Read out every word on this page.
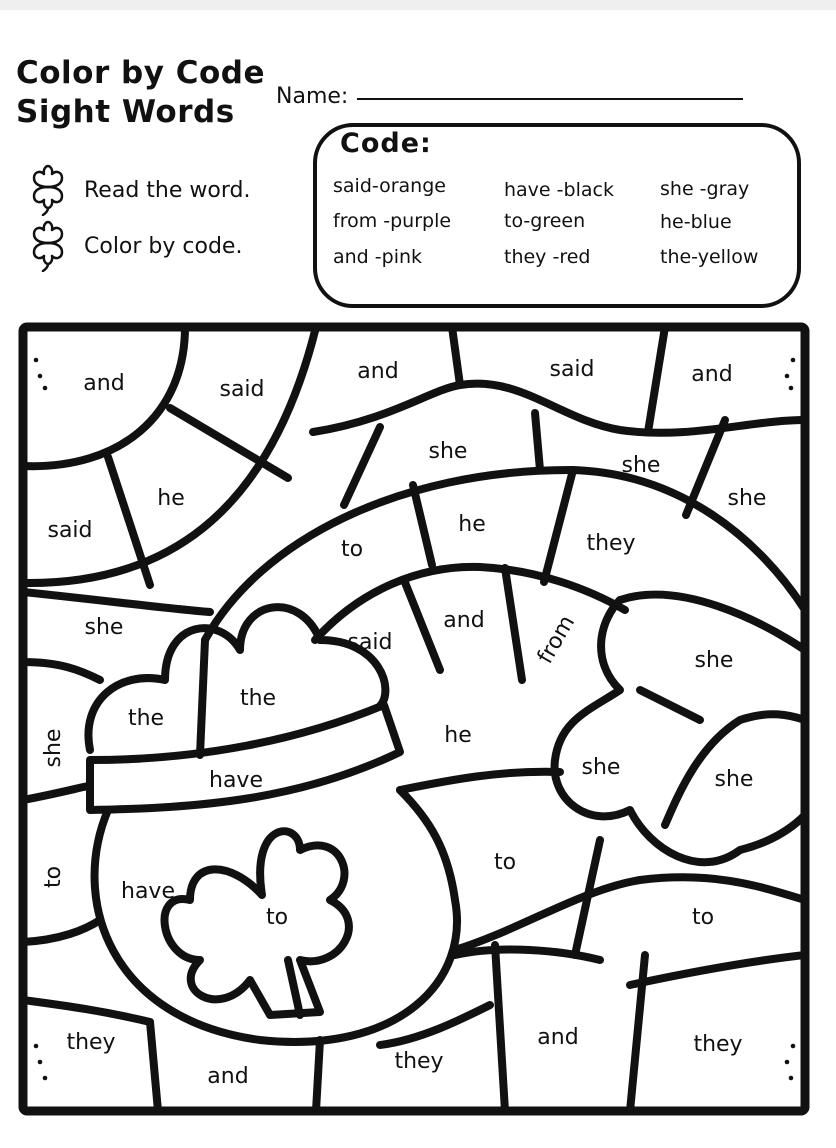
Color by Code
Sight Words	Name:
Read the word.
Color by code.
Code:
said-orange	have -black she -gray
from -purple	to-green	he-blue
and -pink	they -red	the-yellow
and	said
and	said	and
she
she
she
said
he
to
he
they
she
said
and from	she
the
the
she	he
she	she
have
to
to
have
to	to
they
and
they
and	they
